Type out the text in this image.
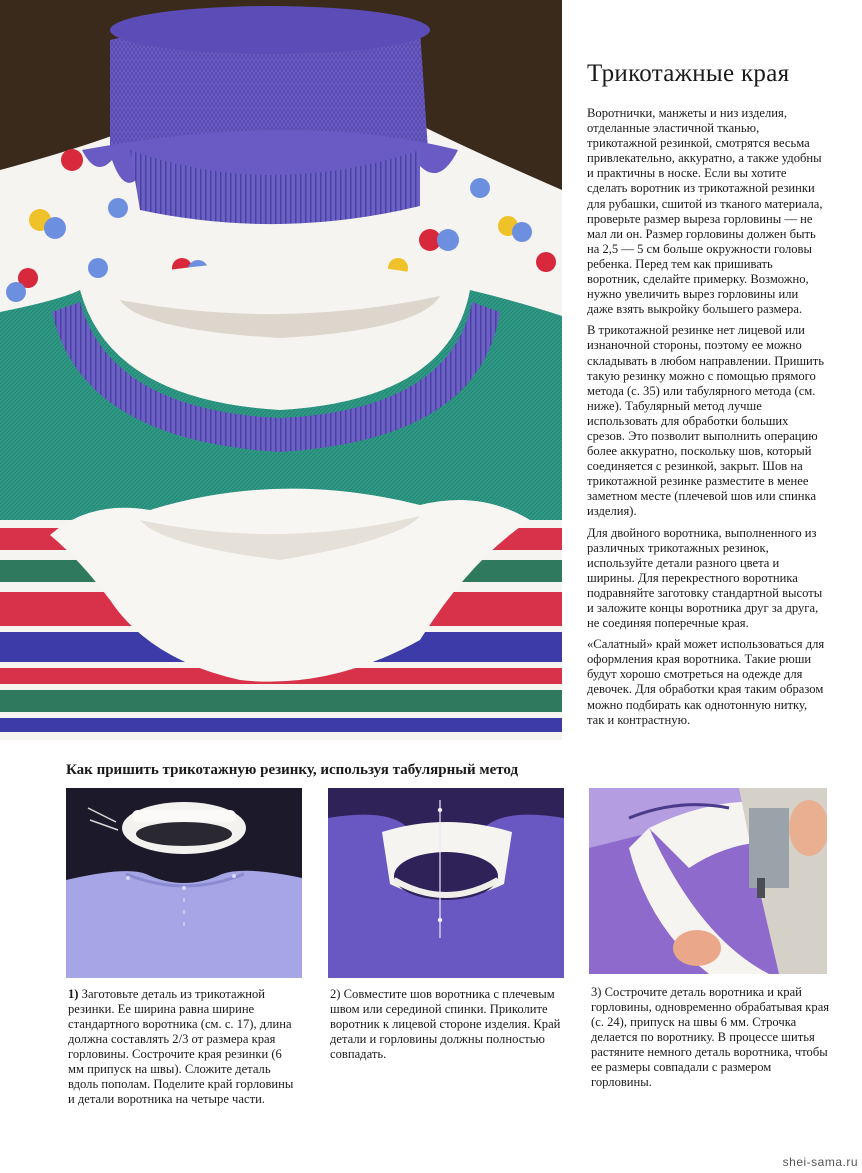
Трикотажные края

Воротнички, манжеты и низ изделия, отделанные эластичной тканью, трикотажной резинкой, смотрятся весьма привлекательно, аккуратно, а также удобны и практичны в носке. Если вы хотите сделать воротник из трикотажной резинки для рубашки, сшитой из тканого материала, проверьте размер выреза горловины — не мал ли он. Размер горловины должен быть на 2,5 — 5 см больше окружности головы ребенка. Перед тем как пришивать воротник, сделайте примерку. Возможно, нужно увеличить вырез горловины или даже взять выкройку большего размера.

В трикотажной резинке нет лицевой или изнаночной стороны, поэтому ее можно складывать в любом направлении. Пришить такую резинку можно с помощью прямого метода (с. 35) или табулярного метода (см. ниже). Табулярный метод лучше использовать для обработки больших срезов. Это позволит выполнить операцию более аккуратно, поскольку шов, который соединяется с резинкой, закрыт. Шов на трикотажной резинке разместите в менее заметном месте (плечевой шов или спинка изделия).

Для двойного воротника, выполненного из различных трикотажных резинок, используйте детали разного цвета и ширины. Для перекрестного воротника подравняйте заготовку стандартной высоты и заложите концы воротника друг за друга, не соединяя поперечные края.

«Салатный» край может использоваться для оформления края воротника. Такие рюши будут хорошо смотреться на одежде для девочек. Для обработки края таким образом можно подбирать как однотонную нитку, так и контрастную.

Как пришить трикотажную резинку, используя табулярный метод
1) Заготовьте деталь из трикотажной резинки. Ее ширина равна ширине стандартного воротника (см. с. 17), длина должна составлять 2/3 от размера края горловины. Сострочите края резинки (6 мм припуск на швы). Сложите деталь вдоль пополам. Поделите край горловины и детали воротника на четыре части.
2) Совместите шов воротника с плечевым швом или серединой спинки. Приколите воротник к лицевой стороне изделия. Край детали и горловины должны полностью совпадать.
3) Сострочите деталь воротника и край горловины, одновременно обрабатывая края (с. 24), припуск на швы 6 мм. Строчка делается по воротнику. В процессе шитья растяните немного деталь воротника, чтобы ее размеры совпадали с размером горловины.
shei-sama.ru
